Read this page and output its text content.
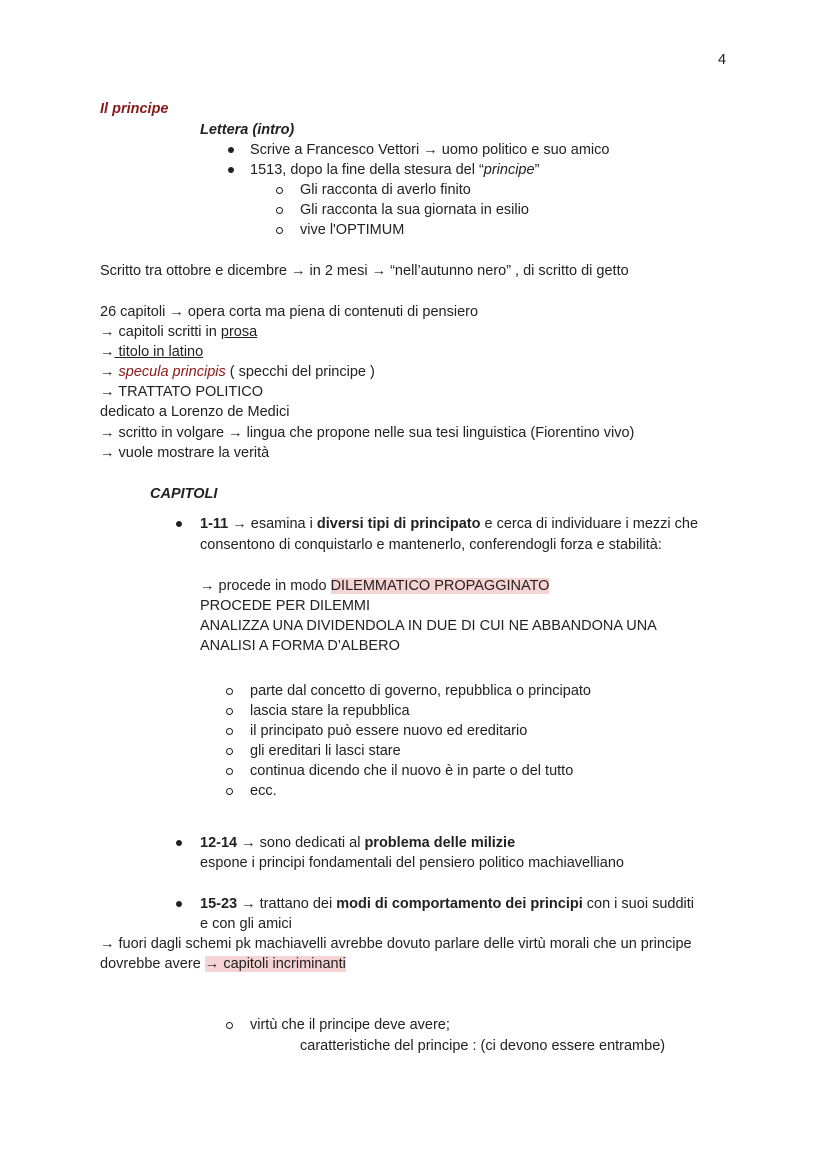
4
Il principe
Lettera (intro)
Scrive a Francesco Vettori → uomo politico e suo amico
1513, dopo la fine della stesura del “principe”
Gli racconta di averlo finito
Gli racconta la sua giornata in esilio
vive l'OPTIMUM
Scritto tra ottobre e dicembre → in 2 mesi → “nell’autunno nero” , di scritto di getto
26 capitoli → opera corta ma piena di contenuti di pensiero
→ capitoli scritti in prosa
→ titolo in latino
→ specula principis ( specchi del principe )
→ TRATTATO POLITICO
dedicato a Lorenzo de Medici
→ scritto in volgare → lingua che propone nelle sua tesi linguistica (Fiorentino vivo)
→ vuole mostrare la verità
CAPITOLI
1-11 → esamina i diversi tipi di principato e cerca di individuare i mezzi che
consentono di conquistarlo e mantenerlo, conferendogli forza e stabilità:
→ procede in modo DILEMMATICO PROPAGGINATO
PROCEDE PER DILEMMI
ANALIZZA UNA DIVIDENDOLA IN DUE DI CUI NE ABBANDONA UNA
ANALISI A FORMA D’ALBERO
parte dal concetto di governo, repubblica o principato
lascia stare la repubblica
il principato può essere nuovo ed ereditario
gli ereditari li lasci stare
continua dicendo che il nuovo è in parte o del tutto
ecc.
12-14 → sono dedicati al problema delle milizie
espone i principi fondamentali del pensiero politico machiavelliano
15-23 → trattano dei modi di comportamento dei principi con i suoi sudditi
e con gli amici
→ fuori dagli schemi pk machiavelli avrebbe dovuto parlare delle virtù morali che un principe
dovrebbe avere → capitoli incriminanti
virtù che il principe deve avere;
caratteristiche del principe : (ci devono essere entrambe)
